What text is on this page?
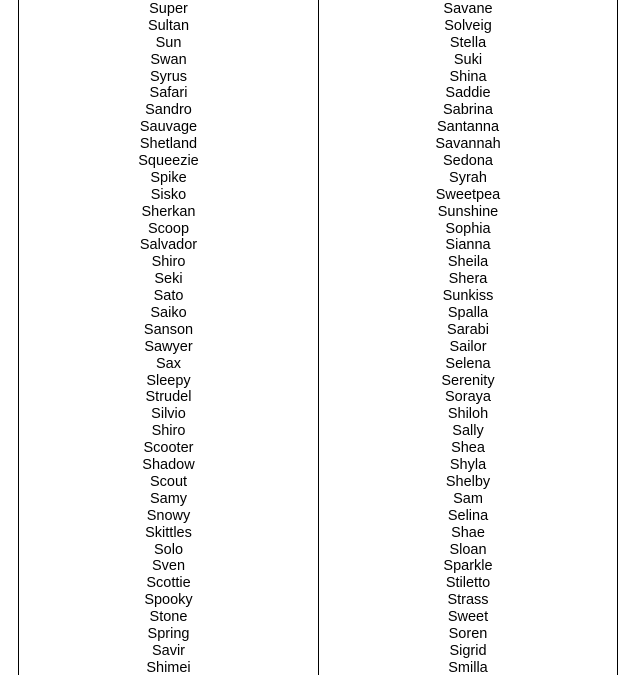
Super
Sultan
Sun
Swan
Syrus
Safari
Sandro
Sauvage
Shetland
Squeezie
Spike
Sisko
Sherkan
Scoop
Salvador
Shiro
Seki
Sato
Saiko
Sanson
Sawyer
Sax
Sleepy
Strudel
Silvio
Shiro
Scooter
Shadow
Scout
Samy
Snowy
Skittles
Solo
Sven
Scottie
Spooky
Stone
Spring
Savir
Shimei
Savane
Solveig
Stella
Suki
Shina
Saddie
Sabrina
Santanna
Savannah
Sedona
Syrah
Sweetpea
Sunshine
Sophia
Sianna
Sheila
Shera
Sunkiss
Spalla
Sarabi
Sailor
Selena
Serenity
Soraya
Shiloh
Sally
Shea
Shyla
Shelby
Sam
Selina
Shae
Sloan
Sparkle
Stiletto
Strass
Sweet
Soren
Sigrid
Smilla
